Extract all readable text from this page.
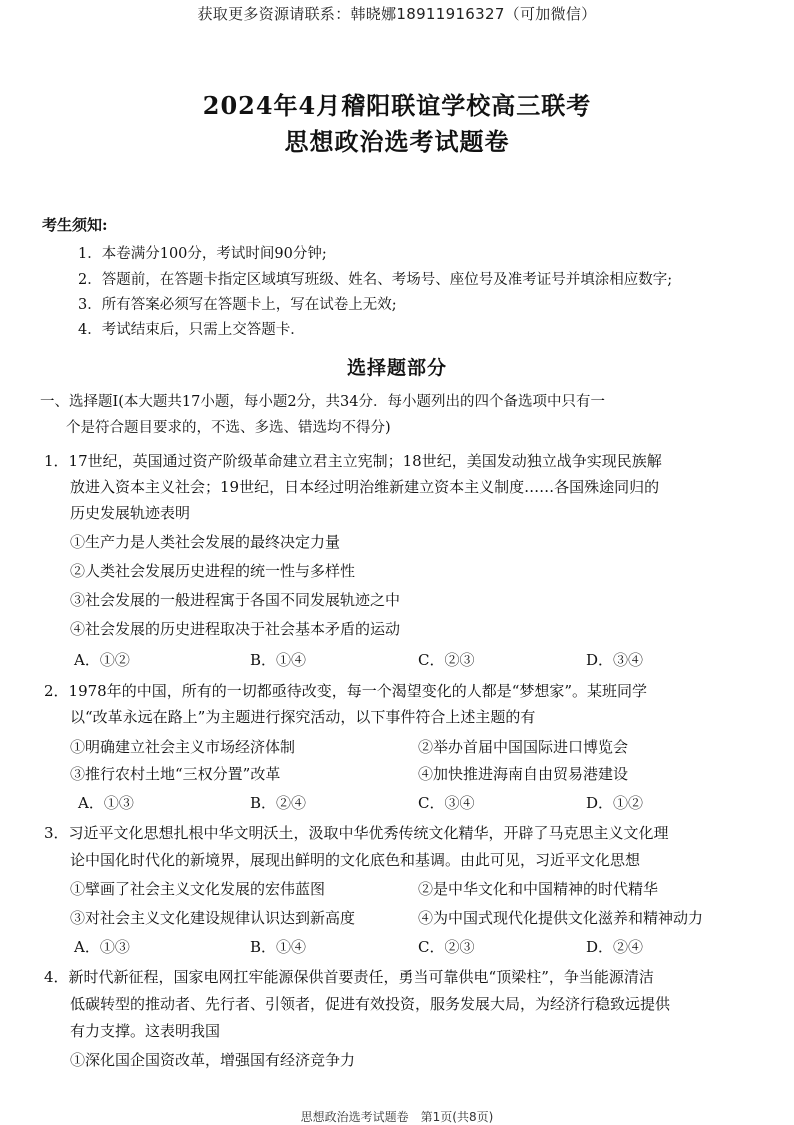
获取更多资源请联系：韩晓娜18911916327（可加微信）
2024年4月稽阳联谊学校高三联考
思想政治选考试题卷
考生须知:
1．本卷满分100分，考试时间90分钟;
2．答题前，在答题卡指定区域填写班级、姓名、考场号、座位号及准考证号并填涂相应数字;
3．所有答案必须写在答题卡上，写在试卷上无效;
4．考试结束后，只需上交答题卡．
选择题部分
一、选择题Ⅰ(本大题共17小题，每小题2分，共34分．每小题列出的四个备选项中只有一
个是符合题目要求的，不选、多选、错选均不得分)
1．17世纪，英国通过资产阶级革命建立君主立宪制；18世纪，美国发动独立战争实现民族解
放进入资本主义社会；19世纪，日本经过明治维新建立资本主义制度……各国殊途同归的
历史发展轨迹表明
①生产力是人类社会发展的最终决定力量
②人类社会发展历史进程的统一性与多样性
③社会发展的一般进程寓于各国不同发展轨迹之中
④社会发展的历史进程取决于社会基本矛盾的运动
A．①②	B．①④	C．②③	D．③④
2．1978年的中国，所有的一切都亟待改变，每一个渴望变化的人都是“梦想家”。某班同学
以“改革永远在路上”为主题进行探究活动，以下事件符合上述主题的有
①明确建立社会主义市场经济体制	②举办首届中国国际进口博览会
③推行农村土地“三权分置”改革	④加快推进海南自由贸易港建设
A．①③	B．②④	C．③④	D．①②
3．习近平文化思想扎根中华文明沃土，汲取中华优秀传统文化精华，开辟了马克思主义文化理
论中国化时代化的新境界，展现出鲜明的文化底色和基调。由此可见，习近平文化思想
①擘画了社会主义文化发展的宏伟蓝图	②是中华文化和中国精神的时代精华
③对社会主义文化建设规律认识达到新高度	④为中国式现代化提供文化滋养和精神动力
A．①③	B．①④	C．②③	D．②④
4．新时代新征程，国家电网扛牢能源保供首要责任，勇当可靠供电“顶梁柱”，争当能源清洁
低碳转型的推动者、先行者、引领者，促进有效投资，服务发展大局，为经济行稳致远提供
有力支撑。这表明我国
①深化国企国资改革，增强国有经济竞争力
思想政治选考试题卷　第1页(共8页)
